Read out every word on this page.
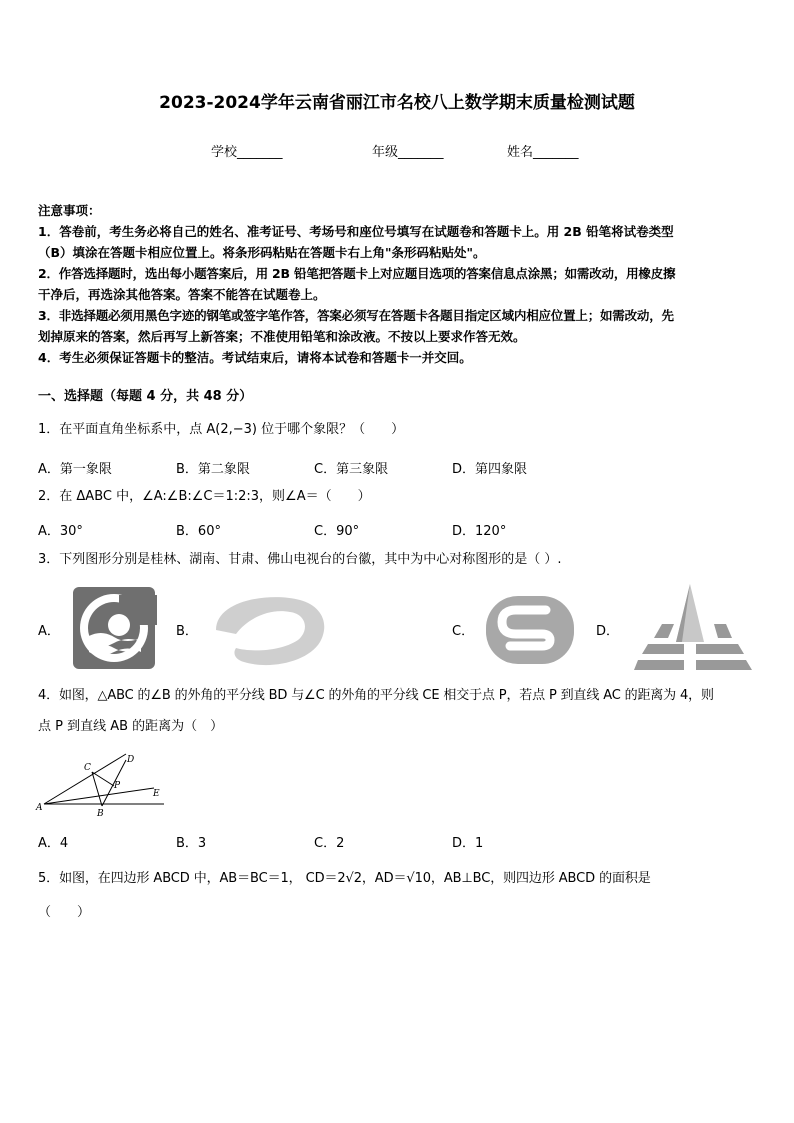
2023-2024学年云南省丽江市名校八上数学期末质量检测试题
学校_______	年级_______	姓名_______
注意事项：
1．答卷前，考生务必将自己的姓名、准考证号、考场号和座位号填写在试题卷和答题卡上。用 2B 铅笔将试卷类型
（B）填涂在答题卡相应位置上。将条形码粘贴在答题卡右上角"条形码粘贴处"。
2．作答选择题时，选出每小题答案后，用 2B 铅笔把答题卡上对应题目选项的答案信息点涂黑；如需改动，用橡皮擦
干净后，再选涂其他答案。答案不能答在试题卷上。
3．非选择题必须用黑色字迹的钢笔或签字笔作答，答案必须写在答题卡各题目指定区域内相应位置上；如需改动，先
划掉原来的答案，然后再写上新答案；不准使用铅笔和涂改液。不按以上要求作答无效。
4．考生必须保证答题卡的整洁。考试结束后，请将本试卷和答题卡一并交回。
一、选择题（每题 4 分，共 48 分）
1．在平面直角坐标系中，点 A(2,−3) 位于哪个象限？（　　）
A．第一象限	B．第二象限	C．第三象限	D．第四象限
2．在 ΔABC 中，∠A:∠B:∠C＝1:2:3，则∠A＝（　　）
A．30°	B．60°	C．90°	D．120°
3．下列图形分别是桂林、湖南、甘肃、佛山电视台的台徽，其中为中心对称图形的是（ ）.
A．	B．	C．	D．
4．如图，△ABC 的∠B 的外角的平分线 BD 与∠C 的外角的平分线 CE 相交于点 P，若点 P 到直线 AC 的距离为 4，则
点 P 到直线 AB 的距离为（　）
C
D
P
E
A
B
A．4	B．3	C．2	D．1
5．如图，在四边形 ABCD 中，AB＝BC＝1， CD＝2√2，AD＝√10，AB⊥BC，则四边形 ABCD 的面积是
（　　）
